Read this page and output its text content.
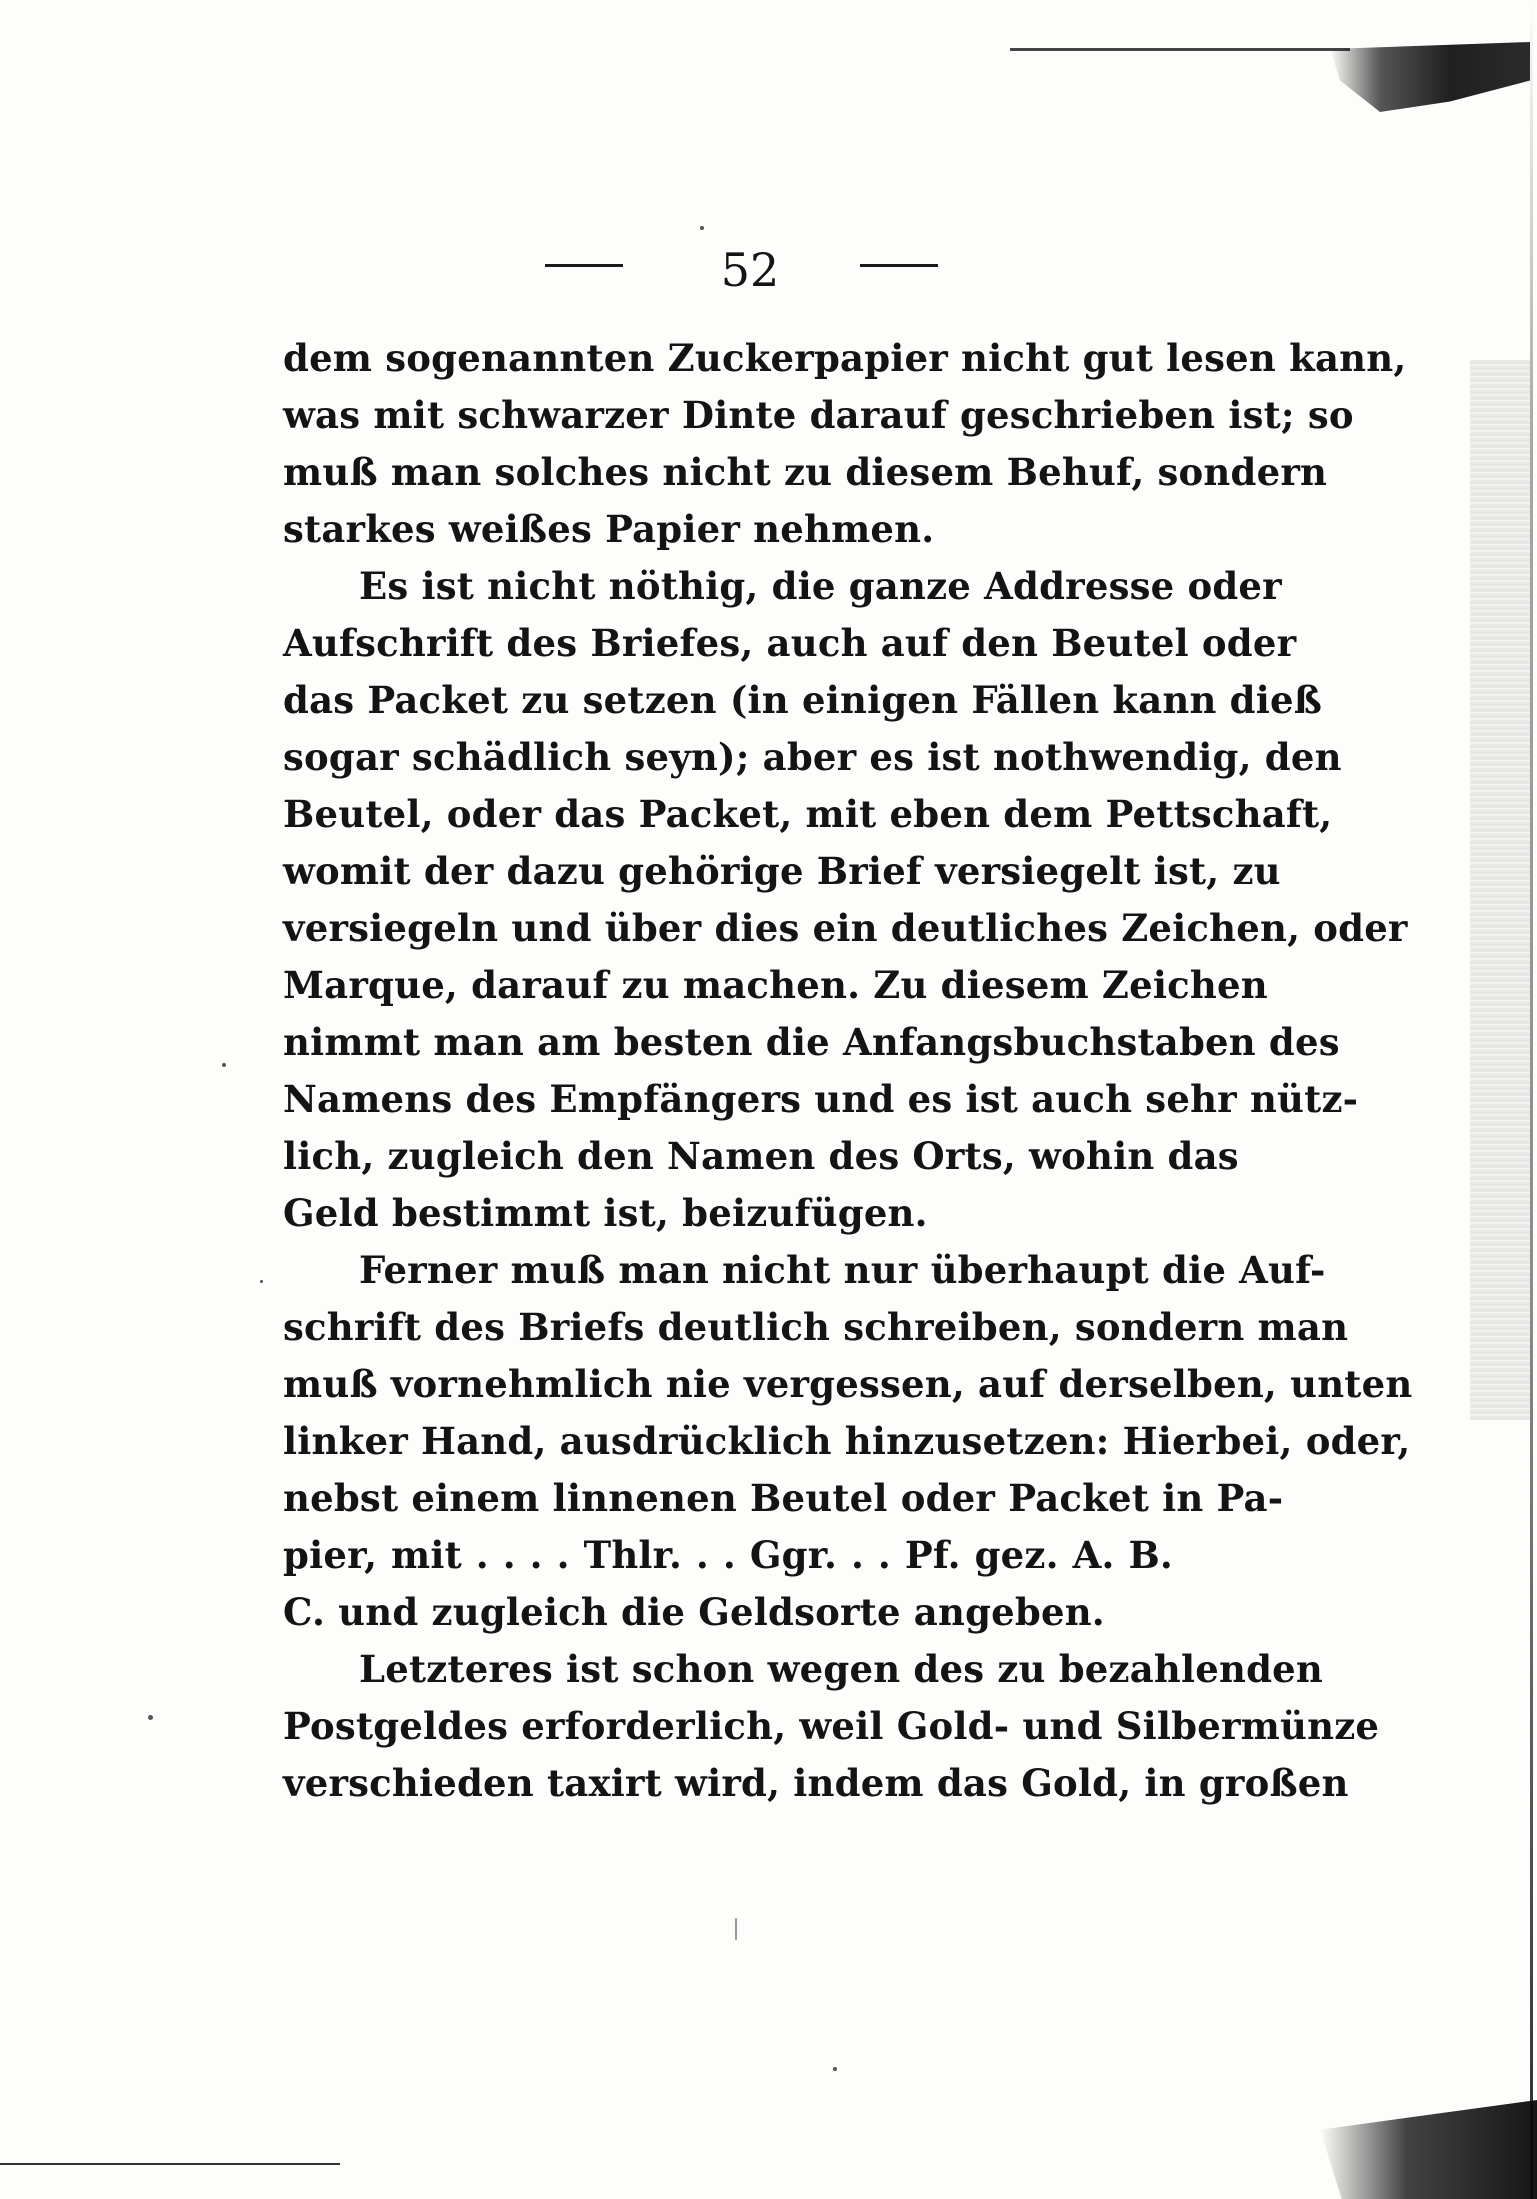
52
dem sogenannten Zuckerpapier nicht gut lesen kann,
was mit schwarzer Dinte darauf geschrieben ist; so
muß man solches nicht zu diesem Behuf, sondern
starkes weißes Papier nehmen.
Es ist nicht nöthig, die ganze Addresse oder
Aufschrift des Briefes, auch auf den Beutel oder
das Packet zu setzen (in einigen Fällen kann dieß
sogar schädlich seyn); aber es ist nothwendig, den
Beutel, oder das Packet, mit eben dem Pettschaft,
womit der dazu gehörige Brief versiegelt ist, zu
versiegeln und über dies ein deutliches Zeichen, oder
Marque, darauf zu machen. Zu diesem Zeichen
nimmt man am besten die Anfangsbuchstaben des
Namens des Empfängers und es ist auch sehr nütz-
lich, zugleich den Namen des Orts, wohin das
Geld bestimmt ist, beizufügen.
Ferner muß man nicht nur überhaupt die Auf-
schrift des Briefs deutlich schreiben, sondern man
muß vornehmlich nie vergessen, auf derselben, unten
linker Hand, ausdrücklich hinzusetzen: Hierbei, oder,
nebst einem linnenen Beutel oder Packet in Pa-
pier, mit . . . . Thlr. . . Ggr. . . Pf. gez. A. B.
C. und zugleich die Geldsorte angeben.
Letzteres ist schon wegen des zu bezahlenden
Postgeldes erforderlich, weil Gold- und Silbermünze
verschieden taxirt wird, indem das Gold, in großen
